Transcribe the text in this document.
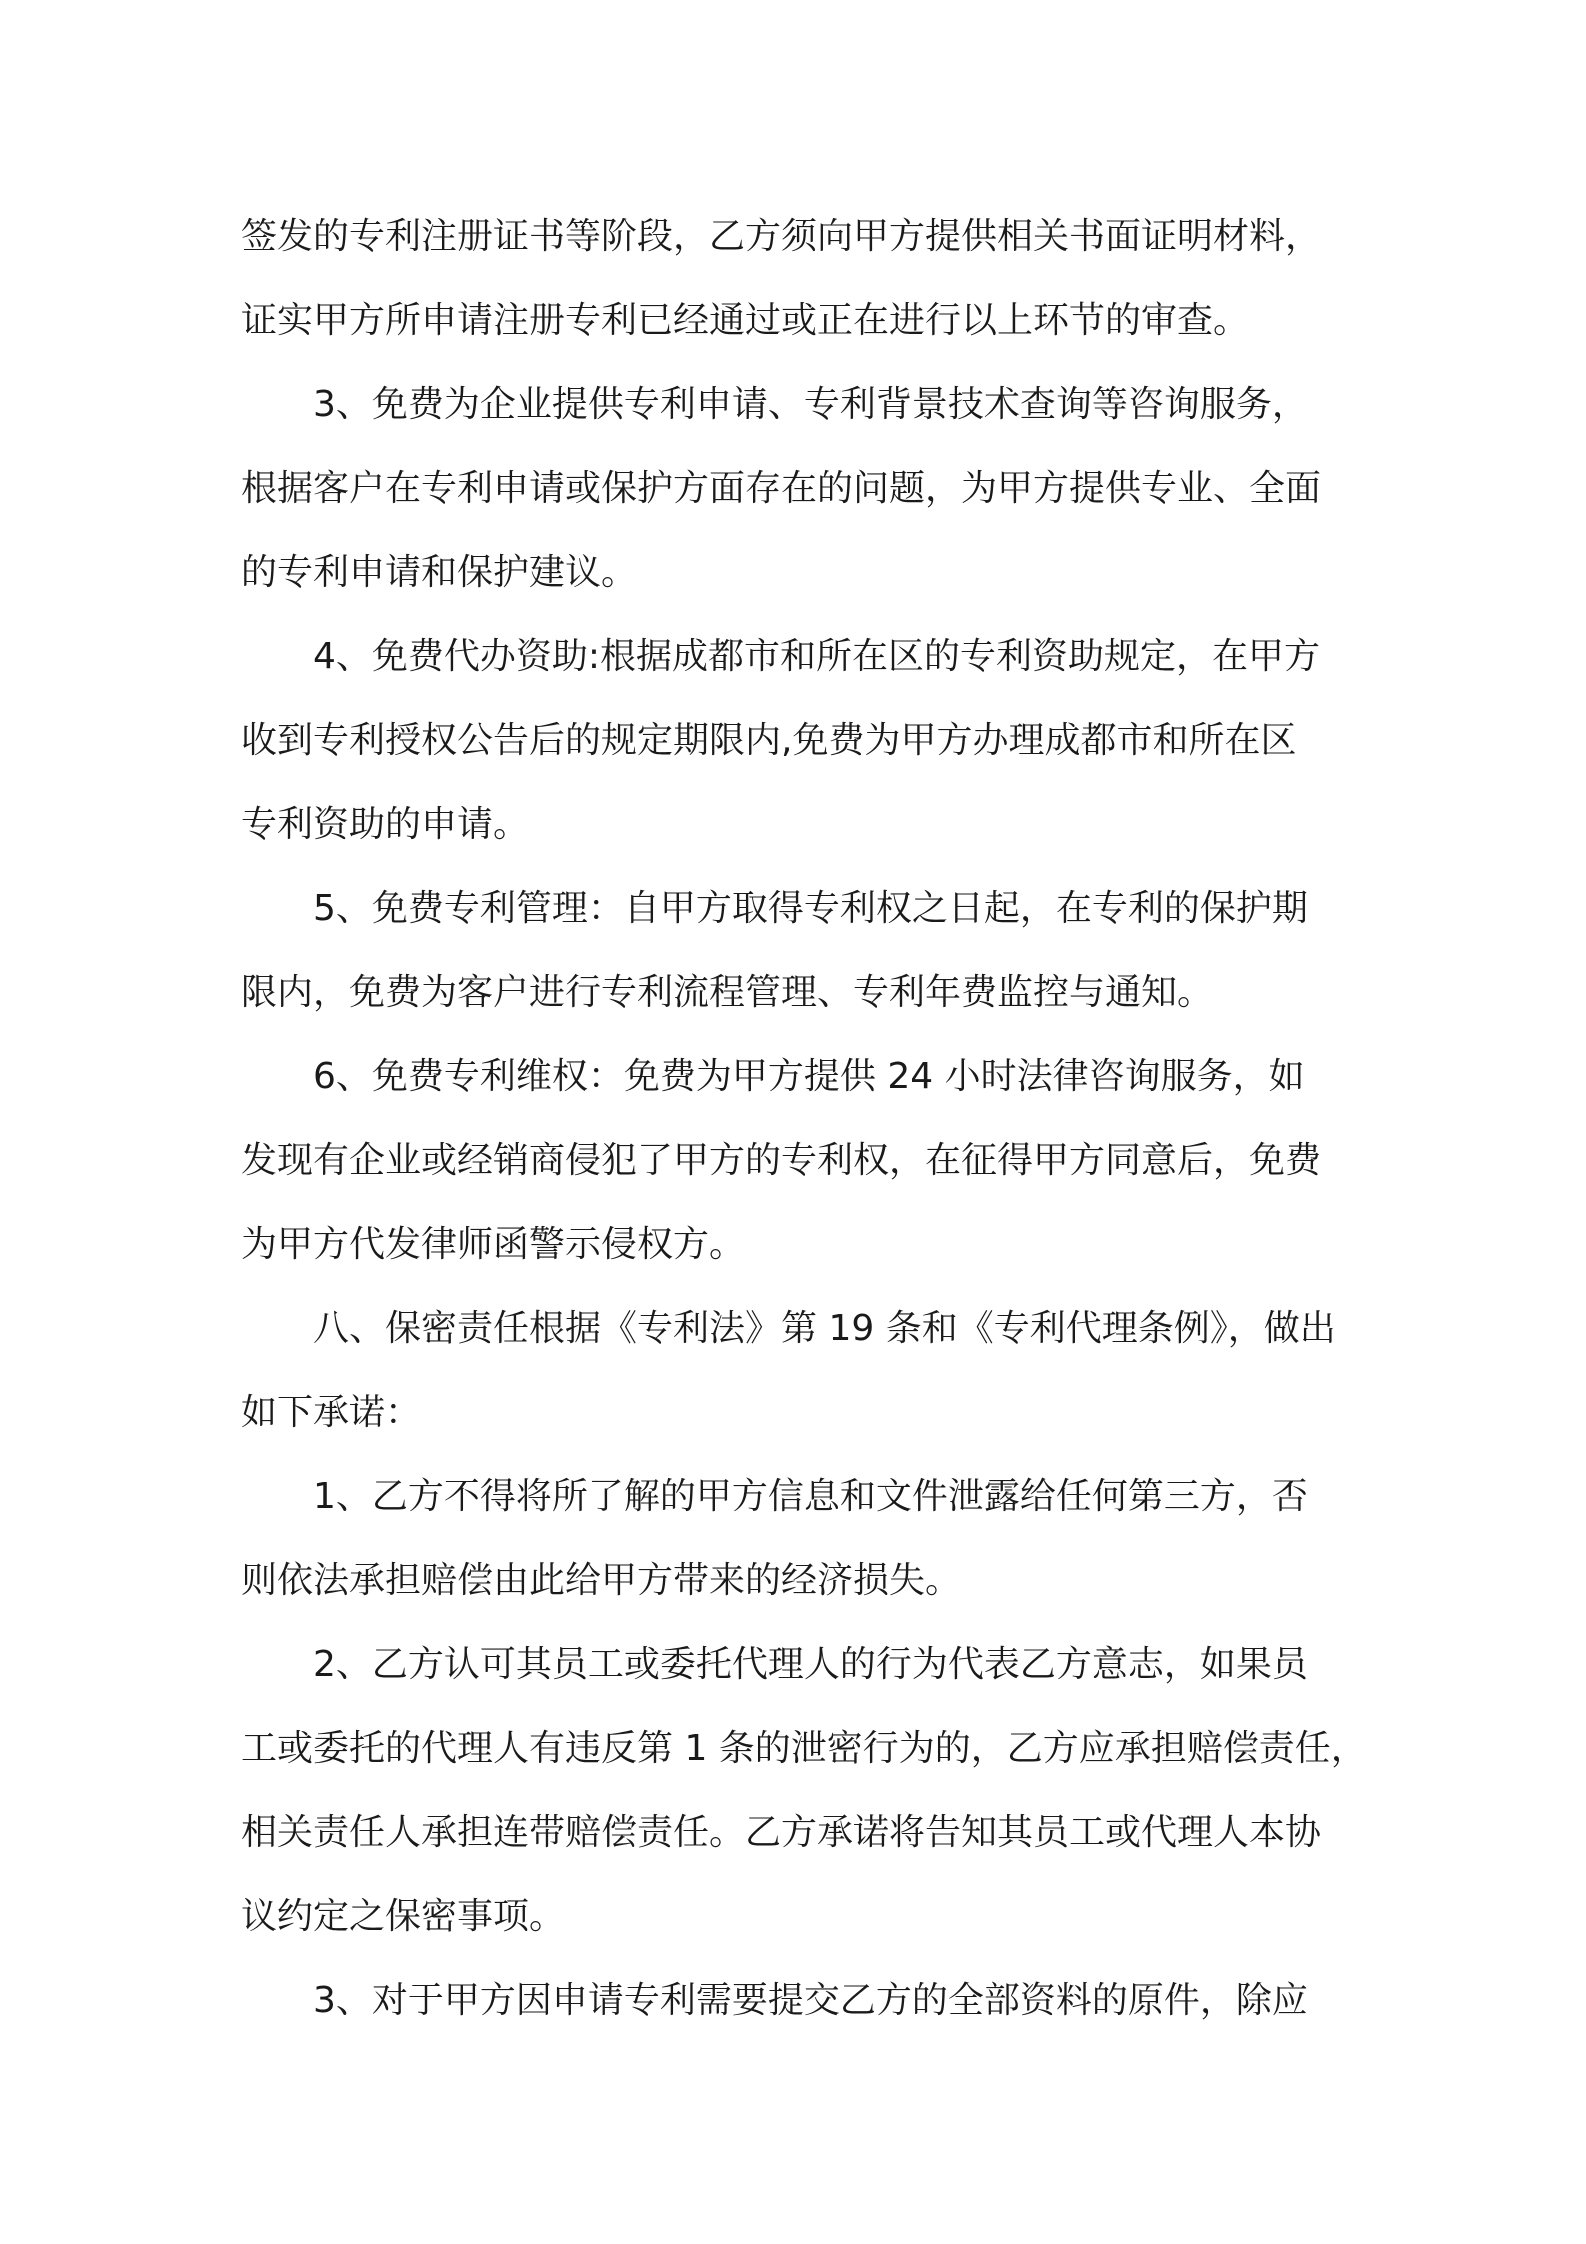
签发的专利注册证书等阶段，乙方须向甲方提供相关书面证明材料，
证实甲方所申请注册专利已经通过或正在进行以上环节的审查。
3、免费为企业提供专利申请、专利背景技术查询等咨询服务，
根据客户在专利申请或保护方面存在的问题，为甲方提供专业、全面
的专利申请和保护建议。
4、免费代办资助:根据成都市和所在区的专利资助规定，在甲方
收到专利授权公告后的规定期限内,免费为甲方办理成都市和所在区
专利资助的申请。
5、免费专利管理：自甲方取得专利权之日起，在专利的保护期
限内，免费为客户进行专利流程管理、专利年费监控与通知。
6、免费专利维权：免费为甲方提供 24 小时法律咨询服务，如
发现有企业或经销商侵犯了甲方的专利权，在征得甲方同意后，免费
为甲方代发律师函警示侵权方。
八、保密责任根据《专利法》第 19 条和《专利代理条例》，做出
如下承诺：
1、乙方不得将所了解的甲方信息和文件泄露给任何第三方，否
则依法承担赔偿由此给甲方带来的经济损失。
2、乙方认可其员工或委托代理人的行为代表乙方意志，如果员
工或委托的代理人有违反第 1 条的泄密行为的，乙方应承担赔偿责任，
相关责任人承担连带赔偿责任。乙方承诺将告知其员工或代理人本协
议约定之保密事项。
3、对于甲方因申请专利需要提交乙方的全部资料的原件，除应
